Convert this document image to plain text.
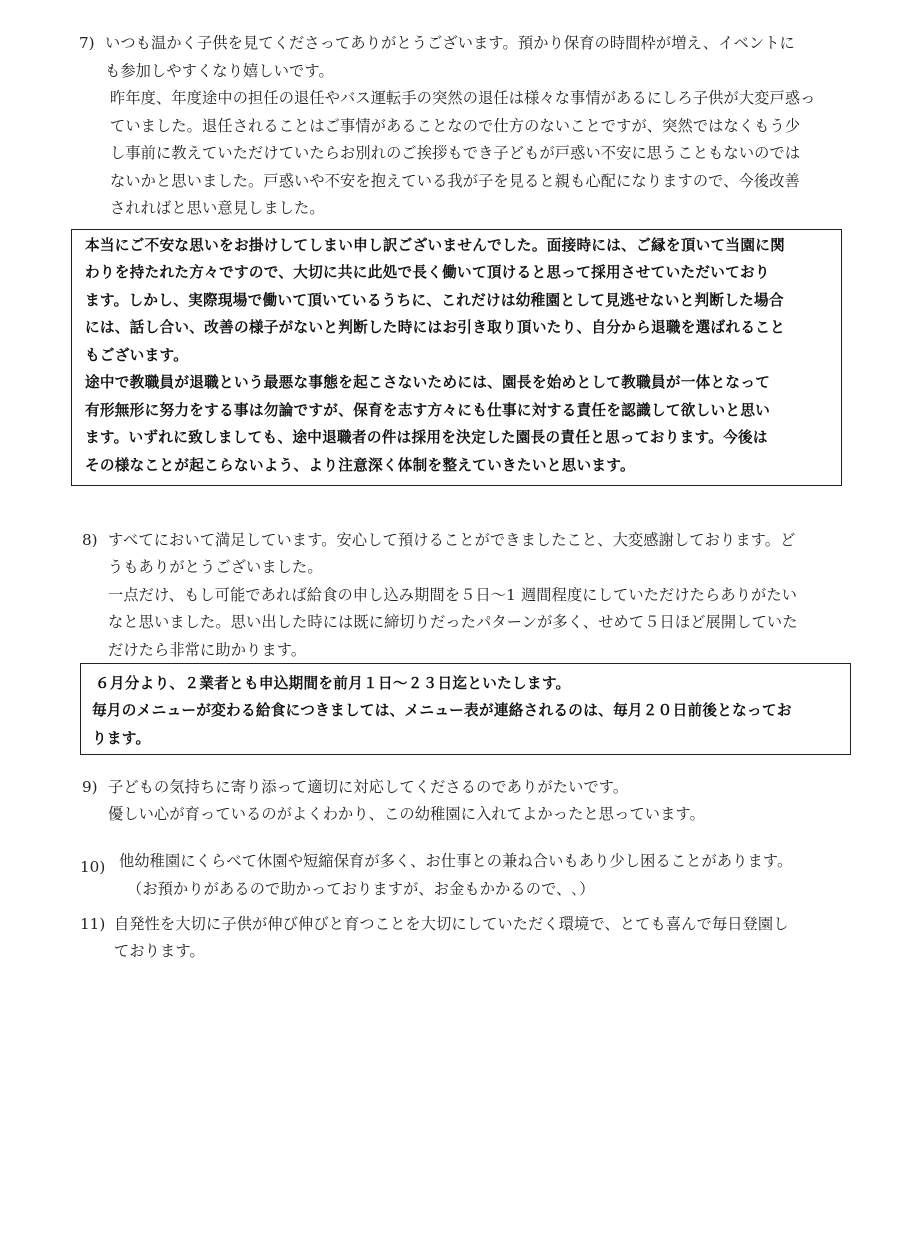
7) いつも温かく子供を見てくださってありがとうございます。預かり保育の時間枠が増え、イベントに
も参加しやすくなり嬉しいです。
昨年度、年度途中の担任の退任やバス運転手の突然の退任は様々な事情があるにしろ子供が大変戸惑っ
ていました。退任されることはご事情があることなので仕方のないことですが、突然ではなくもう少
し事前に教えていただけていたらお別れのご挨拶もでき子どもが戸惑い不安に思うこともないのでは
ないかと思いました。戸惑いや不安を抱えている我が子を見ると親も心配になりますので、今後改善
されればと思い意見しました。
本当にご不安な思いをお掛けしてしまい申し訳ございませんでした。面接時には、ご縁を頂いて当園に関
わりを持たれた方々ですので、大切に共に此処で長く働いて頂けると思って採用させていただいており
ます。しかし、実際現場で働いて頂いているうちに、これだけは幼稚園として見逃せないと判断した場合
には、話し合い、改善の様子がないと判断した時にはお引き取り頂いたり、自分から退職を選ばれること
もございます。
途中で教職員が退職という最悪な事態を起こさないためには、園長を始めとして教職員が一体となって
有形無形に努力をする事は勿論ですが、保育を志す方々にも仕事に対する責任を認識して欲しいと思い
ます。いずれに致しましても、途中退職者の件は採用を決定した園長の責任と思っております。今後は
その様なことが起こらないよう、より注意深く体制を整えていきたいと思います。
8) すべてにおいて満足しています。安心して預けることができましたこと、大変感謝しております。ど
うもありがとうございました。
一点だけ、もし可能であれば給食の申し込み期間を５日～1 週間程度にしていただけたらありがたい
なと思いました。思い出した時には既に締切りだったパターンが多く、せめて５日ほど展開していた
だけたら非常に助かります。
６月分より、２業者とも申込期間を前月１日～２３日迄といたします。
毎月のメニューが変わる給食につきましては、メニュー表が連絡されるのは、毎月２０日前後となってお
ります。
9) 子どもの気持ちに寄り添って適切に対応してくださるのでありがたいです。
優しい心が育っているのがよくわかり、この幼稚園に入れてよかったと思っています。
10) 他幼稚園にくらべて休園や短縮保育が多く、お仕事との兼ね合いもあり少し困ることがあります。
（お預かりがあるので助かっておりますが、お金もかかるので、､）
11) 自発性を大切に子供が伸び伸びと育つことを大切にしていただく環境で、とても喜んで毎日登園し
ております。
